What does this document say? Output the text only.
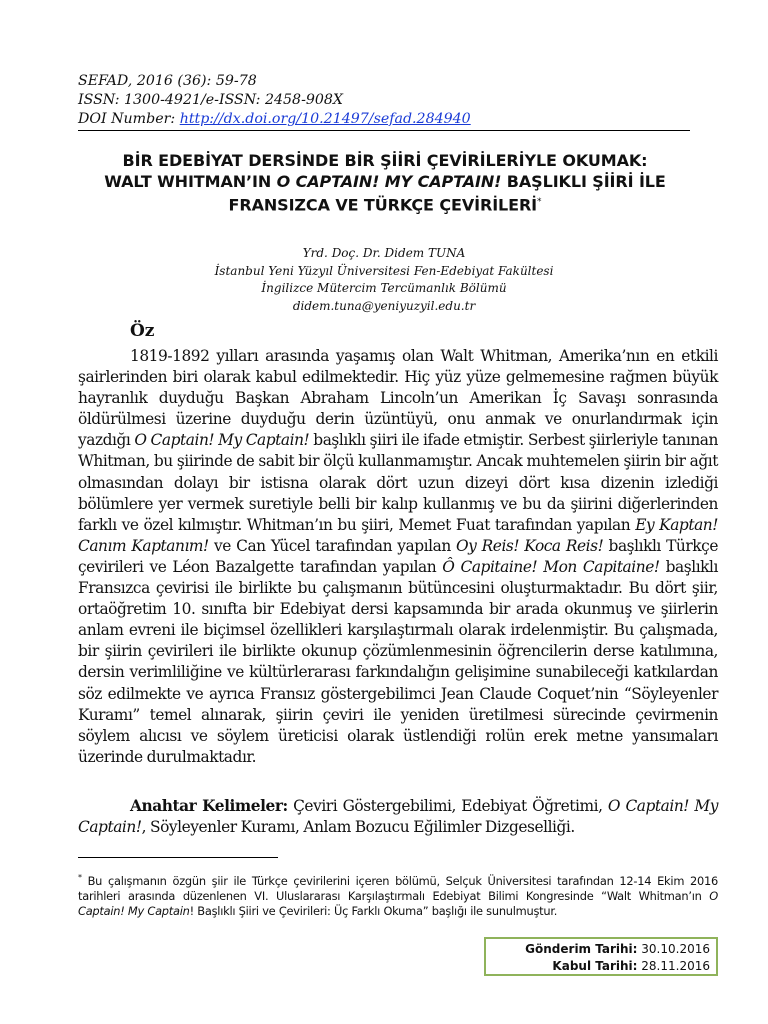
SEFAD, 2016 (36): 59-78
ISSN: 1300-4921/e-ISSN: 2458-908X
DOI Number: http://dx.doi.org/10.21497/sefad.284940
BİR EDEBİYAT DERSİNDE BİR ŞİİRİ ÇEVİRİLERİYLE OKUMAK:
WALT WHITMAN’IN O CAPTAIN! MY CAPTAIN! BAŞLIKLI ŞİİRİ İLE
FRANSIZCA VE TÜRKÇE ÇEVİRİLERİ*
Yrd. Doç. Dr. Didem TUNA
İstanbul Yeni Yüzyıl Üniversitesi Fen-Edebiyat Fakültesi
İngilizce Mütercim Tercümanlık Bölümü
didem.tuna@yeniyuzyil.edu.tr
Öz
1819-1892 yılları arasında yaşamış olan Walt Whitman, Amerika’nın en etkili şairlerinden biri olarak kabul edilmektedir. Hiç yüz yüze gelmemesine rağmen büyük hayranlık duyduğu Başkan Abraham Lincoln’un Amerikan İç Savaşı sonrasında öldürülmesi üzerine duyduğu derin üzüntüyü, onu anmak ve onurlandırmak için yazdığı O Captain! My Captain! başlıklı şiiri ile ifade etmiştir. Serbest şiirleriyle tanınan Whitman, bu şiirinde de sabit bir ölçü kullanmamıştır. Ancak muhtemelen şiirin bir ağıt olmasından dolayı bir istisna olarak dört uzun dizeyi dört kısa dizenin izlediği bölümlere yer vermek suretiyle belli bir kalıp kullanmış ve bu da şiirini diğerlerinden farklı ve özel kılmıştır. Whitman’ın bu şiiri, Memet Fuat tarafından yapılan Ey Kaptan! Canım Kaptanım! ve Can Yücel tarafından yapılan Oy Reis! Koca Reis! başlıklı Türkçe çevirileri ve Léon Bazalgette tarafından yapılan Ô Capitaine! Mon Capitaine! başlıklı Fransızca çevirisi ile birlikte bu çalışmanın bütüncesini oluşturmaktadır. Bu dört şiir, ortaöğretim 10. sınıfta bir Edebiyat dersi kapsamında bir arada okunmuş ve şiirlerin anlam evreni ile biçimsel özellikleri karşılaştırmalı olarak irdelenmiştir. Bu çalışmada, bir şiirin çevirileri ile birlikte okunup çözümlenmesinin öğrencilerin derse katılımına, dersin verimliliğine ve kültürlerarası farkındalığın gelişimine sunabileceği katkılardan söz edilmekte ve ayrıca Fransız göstergebilimci Jean Claude Coquet’nin “Söyleyenler Kuramı” temel alınarak, şiirin çeviri ile yeniden üretilmesi sürecinde çevirmenin söylem alıcısı ve söylem üreticisi olarak üstlendiği rolün erek metne yansımaları üzerinde durulmaktadır.
Anahtar Kelimeler: Çeviri Göstergebilimi, Edebiyat Öğretimi, O Captain! My Captain!, Söyleyenler Kuramı, Anlam Bozucu Eğilimler Dizgeselliği.
* Bu çalışmanın özgün şiir ile Türkçe çevirilerini içeren bölümü, Selçuk Üniversitesi tarafından 12-14 Ekim 2016 tarihleri arasında düzenlenen VI. Uluslararası Karşılaştırmalı Edebiyat Bilimi Kongresinde “Walt Whitman’ın O Captain! My Captain! Başlıklı Şiiri ve Çevirileri: Üç Farklı Okuma” başlığı ile sunulmuştur.
Gönderim Tarihi: 30.10.2016
Kabul Tarihi: 28.11.2016
